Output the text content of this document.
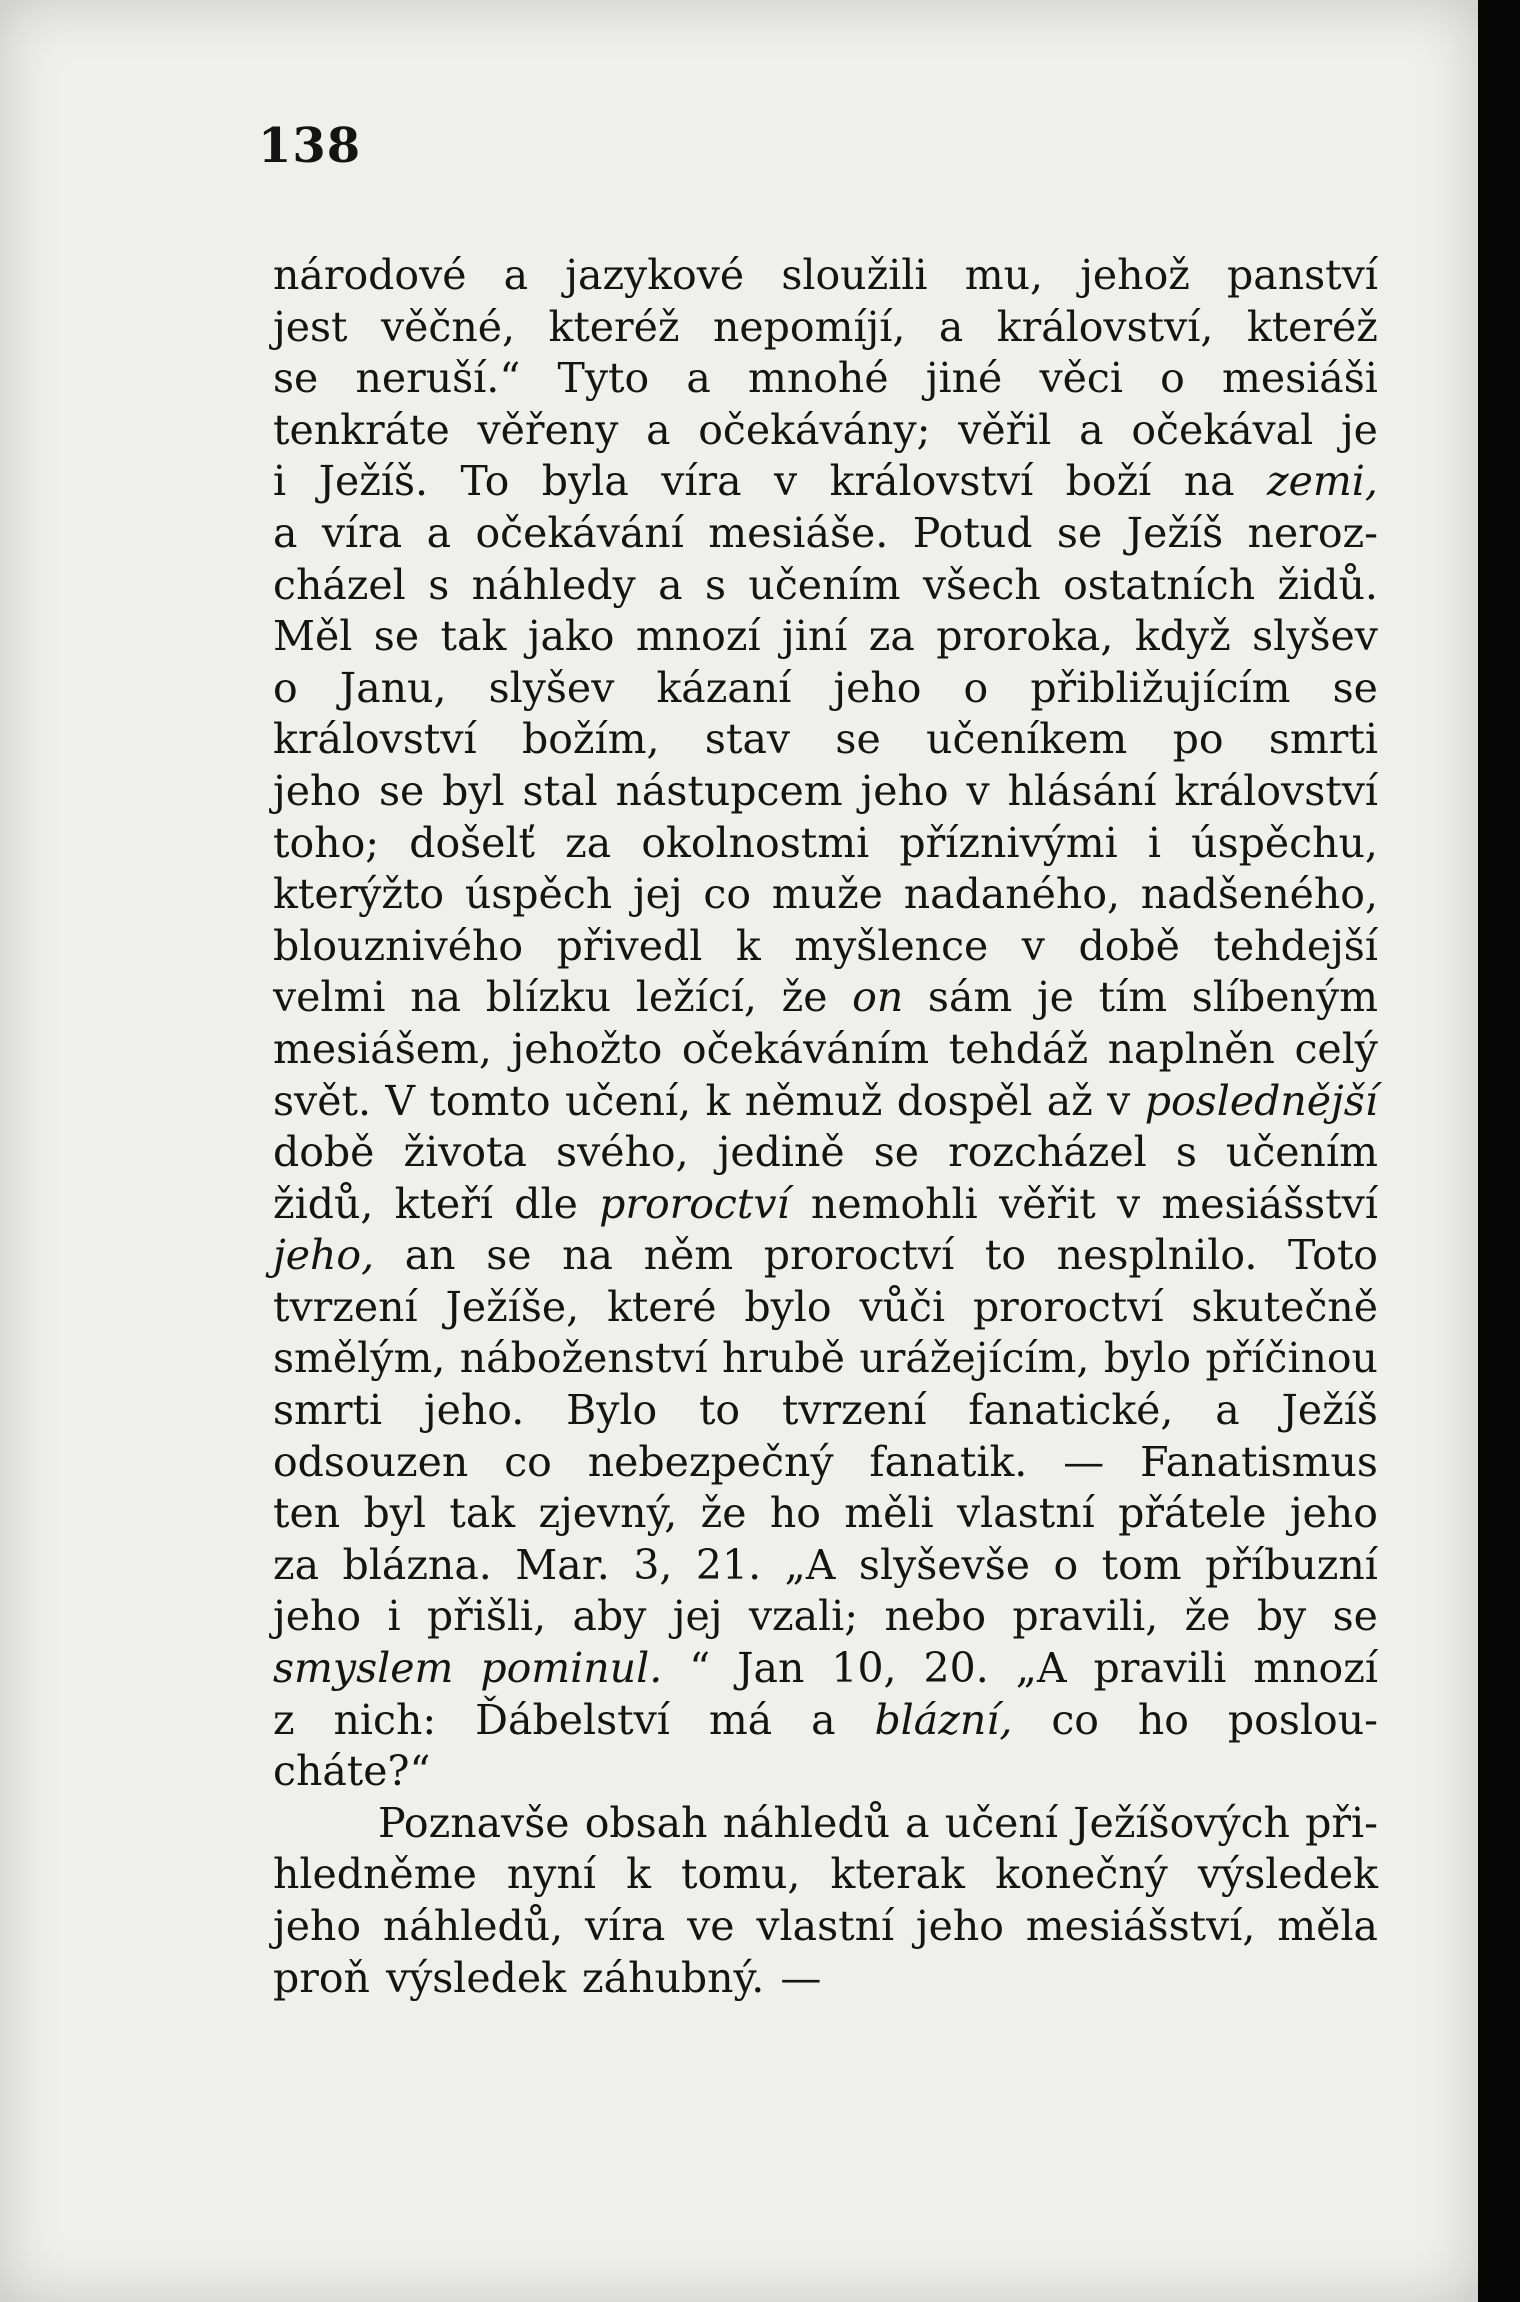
138
národové a jazykové sloužili mu, jehož panství
jest věčné, kteréž nepomíjí, a království, kteréž
se neruší.“ Tyto a mnohé jiné věci o mesiáši
tenkráte věřeny a očekávány; věřil a očekával je
i Ježíš. To byla víra v království boží na zemi,
a víra a očekávání mesiáše. Potud se Ježíš neroz-
cházel s náhledy a s učením všech ostatních židů.
Měl se tak jako mnozí jiní za proroka, když slyšev
o Janu, slyšev kázaní jeho o přibližujícím se
království božím, stav se učeníkem po smrti
jeho se byl stal nástupcem jeho v hlásání království
toho; došelť za okolnostmi příznivými i úspěchu,
kterýžto úspěch jej co muže nadaného, nadšeného,
blouznivého přivedl k myšlence v době tehdejší
velmi na blízku ležící, že on sám je tím slíbeným
mesiášem, jehožto očekáváním tehdáž naplněn celý
svět. V tomto učení, k němuž dospěl až v poslednější
době života svého, jedině se rozcházel s učením
židů, kteří dle proroctví nemohli věřit v mesiášství
jeho, an se na něm proroctví to nesplnilo. Toto
tvrzení Ježíše, které bylo vůči proroctví skutečně
smělým, náboženství hrubě urážejícím, bylo příčinou
smrti jeho. Bylo to tvrzení fanatické, a Ježíš
odsouzen co nebezpečný fanatik. — Fanatismus
ten byl tak zjevný, že ho měli vlastní přátele jeho
za blázna. Mar. 3, 21. „A slyševše o tom příbuzní
jeho i přišli, aby jej vzali; nebo pravili, že by se
smyslem pominul. “ Jan 10, 20. „A pravili mnozí
z nich: Ďábelství má a blázní, co ho poslou-
cháte?“
Poznavše obsah náhledů a učení Ježíšových při-
hledněme nyní k tomu, kterak konečný výsledek
jeho náhledů, víra ve vlastní jeho mesiášství, měla
proň výsledek záhubný. —
